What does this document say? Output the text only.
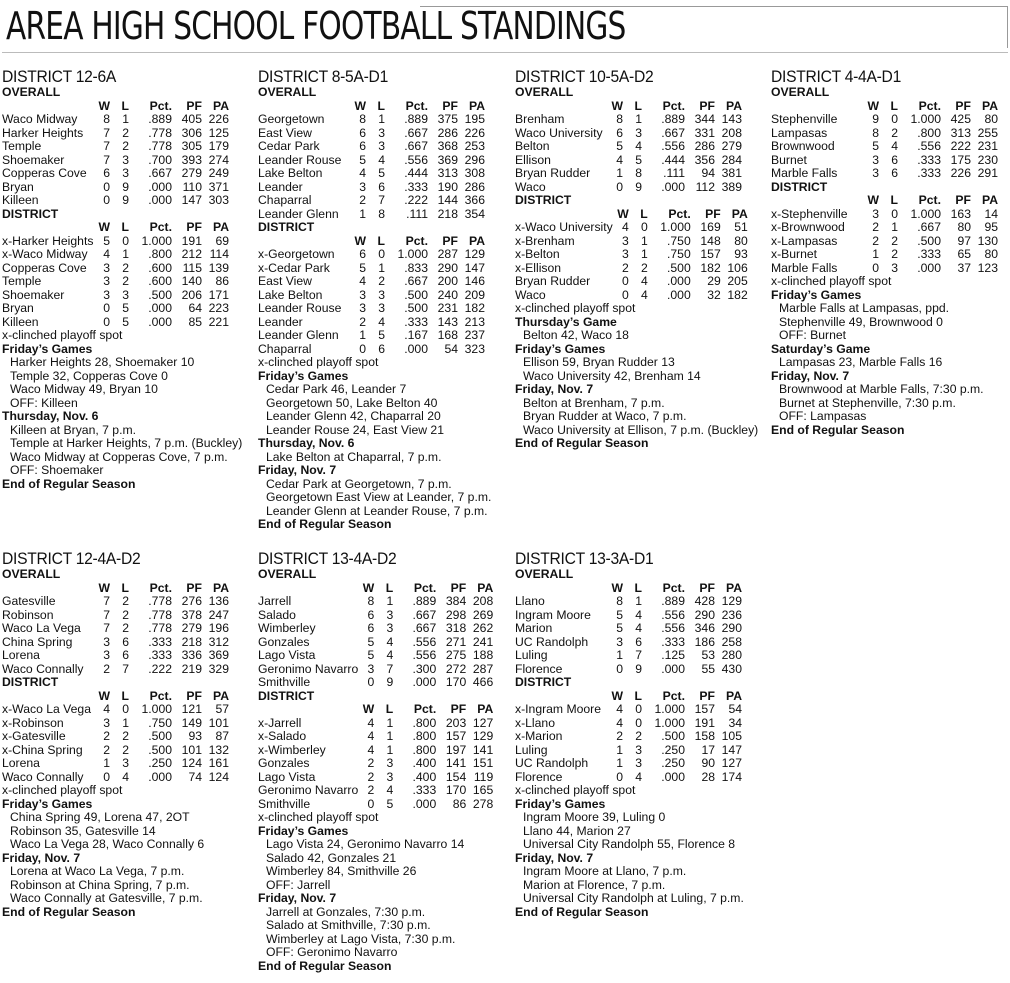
AREA HIGH SCHOOL FOOTBALL STANDINGS
DISTRICT 12-6A
OVERALL
	W	L	Pct.	PF	PA
Waco Midway	8	1	.889	405	226
Harker Heights	7	2	.778	306	125
Temple	7	2	.778	305	179
Shoemaker	7	3	.700	393	274
Copperas Cove	6	3	.667	279	249
Bryan	0	9	.000	110	371
Killeen	0	9	.000	147	303
DISTRICT
	W	L	Pct.	PF	PA
x-Harker Heights	5	0	1.000	191	69
x-Waco Midway	4	1	.800	212	114
Copperas Cove	3	2	.600	115	139
Temple	3	2	.600	140	86
Shoemaker	3	3	.500	206	171
Bryan	0	5	.000	64	223
Killeen	0	5	.000	85	221
x-clinched playoff spot
Friday’s Games
Harker Heights 28, Shoemaker 10
Temple 32, Copperas Cove 0
Waco Midway 49, Bryan 10
OFF: Killeen
Thursday, Nov. 6
Killeen at Bryan, 7 p.m.
Temple at Harker Heights, 7 p.m. (Buckley)
Waco Midway at Copperas Cove, 7 p.m.
OFF: Shoemaker
End of Regular Season
DISTRICT 8-5A-D1
OVERALL
	W	L	Pct.	PF	PA
Georgetown	8	1	.889	375	195
East View	6	3	.667	286	226
Cedar Park	6	3	.667	368	253
Leander Rouse	5	4	.556	369	296
Lake Belton	4	5	.444	313	308
Leander	3	6	.333	190	286
Chaparral	2	7	.222	144	366
Leander Glenn	1	8	.111	218	354
DISTRICT
	W	L	Pct.	PF	PA
x-Georgetown	6	0	1.000	287	129
x-Cedar Park	5	1	.833	290	147
East View	4	2	.667	200	146
Lake Belton	3	3	.500	240	209
Leander Rouse	3	3	.500	231	182
Leander	2	4	.333	143	213
Leander Glenn	1	5	.167	168	237
Chaparral	0	6	.000	54	323
x-clinched playoff spot
Friday’s Games
Cedar Park 46, Leander 7
Georgetown 50, Lake Belton 40
Leander Glenn 42, Chaparral 20
Leander Rouse 24, East View 21
Thursday, Nov. 6
Lake Belton at Chaparral, 7 p.m.
Friday, Nov. 7
Cedar Park at Georgetown, 7 p.m.
Georgetown East View at Leander, 7 p.m.
Leander Glenn at Leander Rouse, 7 p.m.
End of Regular Season
DISTRICT 10-5A-D2
OVERALL
	W	L	Pct.	PF	PA
Brenham	8	1	.889	344	143
Waco University	6	3	.667	331	208
Belton	5	4	.556	286	279
Ellison	4	5	.444	356	284
Bryan Rudder	1	8	.111	94	381
Waco	0	9	.000	112	389
DISTRICT
	W	L	Pct.	PF	PA
x-Waco University	4	0	1.000	169	51
x-Brenham	3	1	.750	148	80
x-Belton	3	1	.750	157	93
x-Ellison	2	2	.500	182	106
Bryan Rudder	0	4	.000	29	205
Waco	0	4	.000	32	182
x-clinched playoff spot
Thursday’s Game
Belton 42, Waco 18
Friday’s Games
Ellison 59, Bryan Rudder 13
Waco University 42, Brenham 14
Friday, Nov. 7
Belton at Brenham, 7 p.m.
Bryan Rudder at Waco, 7 p.m.
Waco University at Ellison, 7 p.m. (Buckley)
End of Regular Season
DISTRICT 4-4A-D1
OVERALL
	W	L	Pct.	PF	PA
Stephenville	9	0	1.000	425	80
Lampasas	8	2	.800	313	255
Brownwood	5	4	.556	222	231
Burnet	3	6	.333	175	230
Marble Falls	3	6	.333	226	291
DISTRICT
	W	L	Pct.	PF	PA
x-Stephenville	3	0	1.000	163	14
x-Brownwood	2	1	.667	80	95
x-Lampasas	2	2	.500	97	130
x-Burnet	1	2	.333	65	80
Marble Falls	0	3	.000	37	123
x-clinched playoff spot
Friday’s Games
Marble Falls at Lampasas, ppd.
Stephenville 49, Brownwood 0
OFF: Burnet
Saturday’s Game
Lampasas 23, Marble Falls 16
Friday, Nov. 7
Brownwood at Marble Falls, 7:30 p.m.
Burnet at Stephenville, 7:30 p.m.
OFF: Lampasas
End of Regular Season
DISTRICT 12-4A-D2
OVERALL
	W	L	Pct.	PF	PA
Gatesville	7	2	.778	276	136
Robinson	7	2	.778	378	247
Waco La Vega	7	2	.778	279	196
China Spring	3	6	.333	218	312
Lorena	3	6	.333	336	369
Waco Connally	2	7	.222	219	329
DISTRICT
	W	L	Pct.	PF	PA
x-Waco La Vega	4	0	1.000	121	57
x-Robinson	3	1	.750	149	101
x-Gatesville	2	2	.500	93	87
x-China Spring	2	2	.500	101	132
Lorena	1	3	.250	124	161
Waco Connally	0	4	.000	74	124
x-clinched playoff spot
Friday’s Games
China Spring 49, Lorena 47, 2OT
Robinson 35, Gatesville 14
Waco La Vega 28, Waco Connally 6
Friday, Nov. 7
Lorena at Waco La Vega, 7 p.m.
Robinson at China Spring, 7 p.m.
Waco Connally at Gatesville, 7 p.m.
End of Regular Season
DISTRICT 13-4A-D2
OVERALL
	W	L	Pct.	PF	PA
Jarrell	8	1	.889	384	208
Salado	6	3	.667	298	269
Wimberley	6	3	.667	318	262
Gonzales	5	4	.556	271	241
Lago Vista	5	4	.556	275	188
Geronimo Navarro	3	7	.300	272	287
Smithville	0	9	.000	170	466
DISTRICT
	W	L	Pct.	PF	PA
x-Jarrell	4	1	.800	203	127
x-Salado	4	1	.800	157	129
x-Wimberley	4	1	.800	197	141
Gonzales	2	3	.400	141	151
Lago Vista	2	3	.400	154	119
Geronimo Navarro	2	4	.333	170	165
Smithville	0	5	.000	86	278
x-clinched playoff spot
Friday’s Games
Lago Vista 24, Geronimo Navarro 14
Salado 42, Gonzales 21
Wimberley 84, Smithville 26
OFF: Jarrell
Friday, Nov. 7
Jarrell at Gonzales, 7:30 p.m.
Salado at Smithville, 7:30 p.m.
Wimberley at Lago Vista, 7:30 p.m.
OFF: Geronimo Navarro
End of Regular Season
DISTRICT 13-3A-D1
OVERALL
	W	L	Pct.	PF	PA
Llano	8	1	.889	428	129
Ingram Moore	5	4	.556	290	236
Marion	5	4	.556	346	290
UC Randolph	3	6	.333	186	258
Luling	1	7	.125	53	280
Florence	0	9	.000	55	430
DISTRICT
	W	L	Pct.	PF	PA
x-Ingram Moore	4	0	1.000	157	54
x-Llano	4	0	1.000	191	34
x-Marion	2	2	.500	158	105
Luling	1	3	.250	17	147
UC Randolph	1	3	.250	90	127
Florence	0	4	.000	28	174
x-clinched playoff spot
Friday’s Games
Ingram Moore 39, Luling 0
Llano 44, Marion 27
Universal City Randolph 55, Florence 8
Friday, Nov. 7
Ingram Moore at Llano, 7 p.m.
Marion at Florence, 7 p.m.
Universal City Randolph at Luling, 7 p.m.
End of Regular Season
